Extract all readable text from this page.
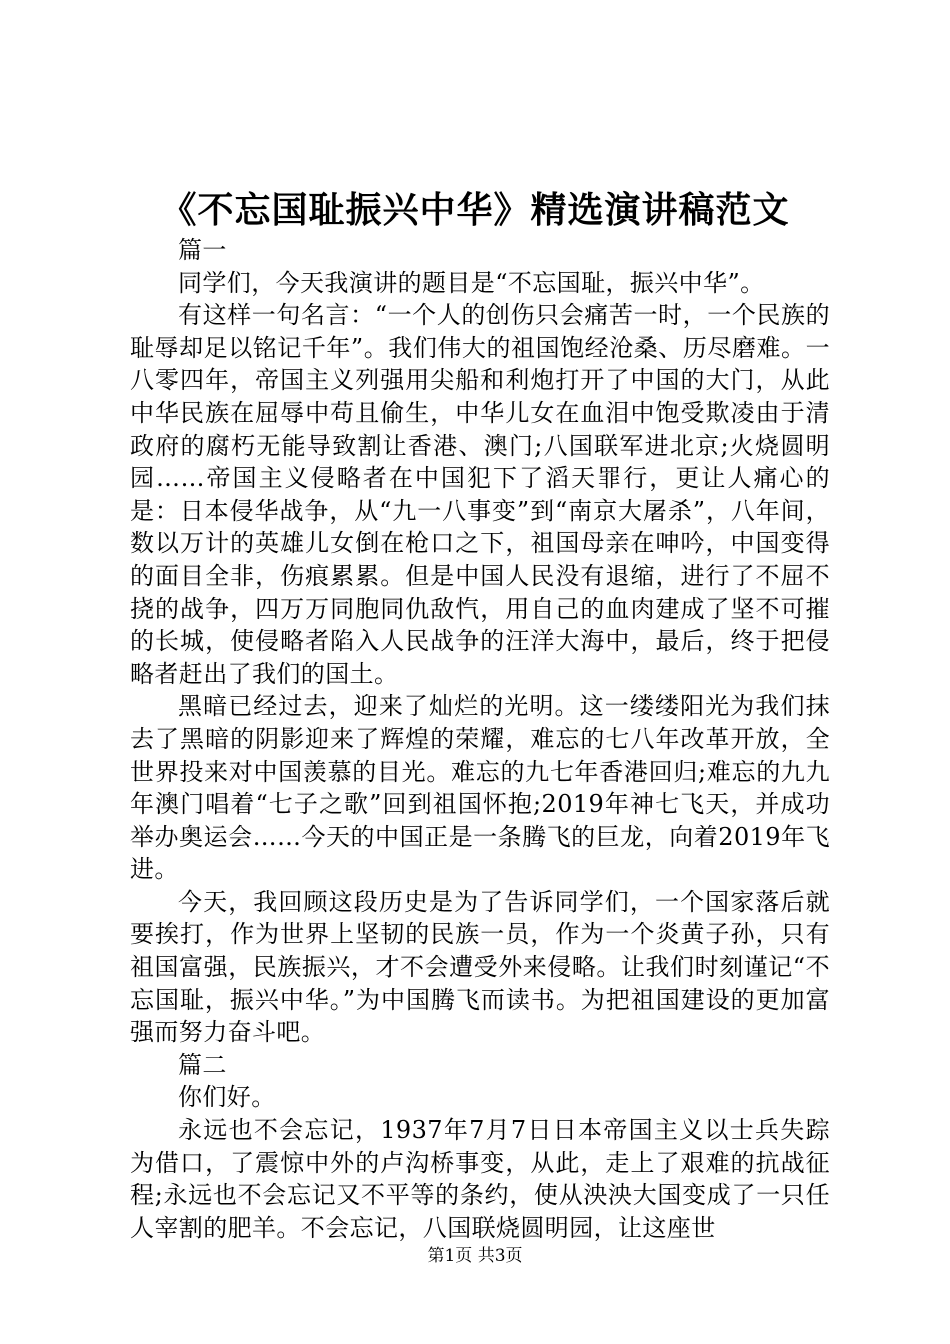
《不忘国耻振兴中华》精选演讲稿范文

篇一

同学们，今天我演讲的题目是“不忘国耻，振兴中华”。

有这样一句名言：“一个人的创伤只会痛苦一时，一个民族的耻辱却足以铭记千年”。我们伟大的祖国饱经沧桑、历尽磨难。一八零四年，帝国主义列强用尖船和利炮打开了中国的大门，从此中华民族在屈辱中苟且偷生，中华儿女在血泪中饱受欺凌由于清政府的腐朽无能导致割让香港、澳门;八国联军进北京;火烧圆明园……帝国主义侵略者在中国犯下了滔天罪行，更让人痛心的是：日本侵华战争，从“九一八事变”到“南京大屠杀”，八年间，数以万计的英雄儿女倒在枪口之下，祖国母亲在呻吟，中国变得的面目全非，伤痕累累。但是中国人民没有退缩，进行了不屈不挠的战争，四万万同胞同仇敌忾，用自己的血肉建成了坚不可摧的长城，使侵略者陷入人民战争的汪洋大海中，最后，终于把侵略者赶出了我们的国土。

黑暗已经过去，迎来了灿烂的光明。这一缕缕阳光为我们抹去了黑暗的阴影迎来了辉煌的荣耀，难忘的七八年改革开放，全世界投来对中国羡慕的目光。难忘的九七年香港回归;难忘的九九年澳门唱着“七子之歌”回到祖国怀抱;2019年神七飞天，并成功举办奥运会……今天的中国正是一条腾飞的巨龙，向着2019年飞进。

今天，我回顾这段历史是为了告诉同学们，一个国家落后就要挨打，作为世界上坚韧的民族一员，作为一个炎黄子孙，只有祖国富强，民族振兴，才不会遭受外来侵略。让我们时刻谨记“不忘国耻，振兴中华。”为中国腾飞而读书。为把祖国建设的更加富强而努力奋斗吧。

篇二

你们好。

永远也不会忘记，1937年7月7日日本帝国主义以士兵失踪为借口，了震惊中外的卢沟桥事变，从此，走上了艰难的抗战征程;永远也不会忘记又不平等的条约，使从泱泱大国变成了一只任人宰割的肥羊。不会忘记，八国联烧圆明园，让这座世

第1页 共3页
